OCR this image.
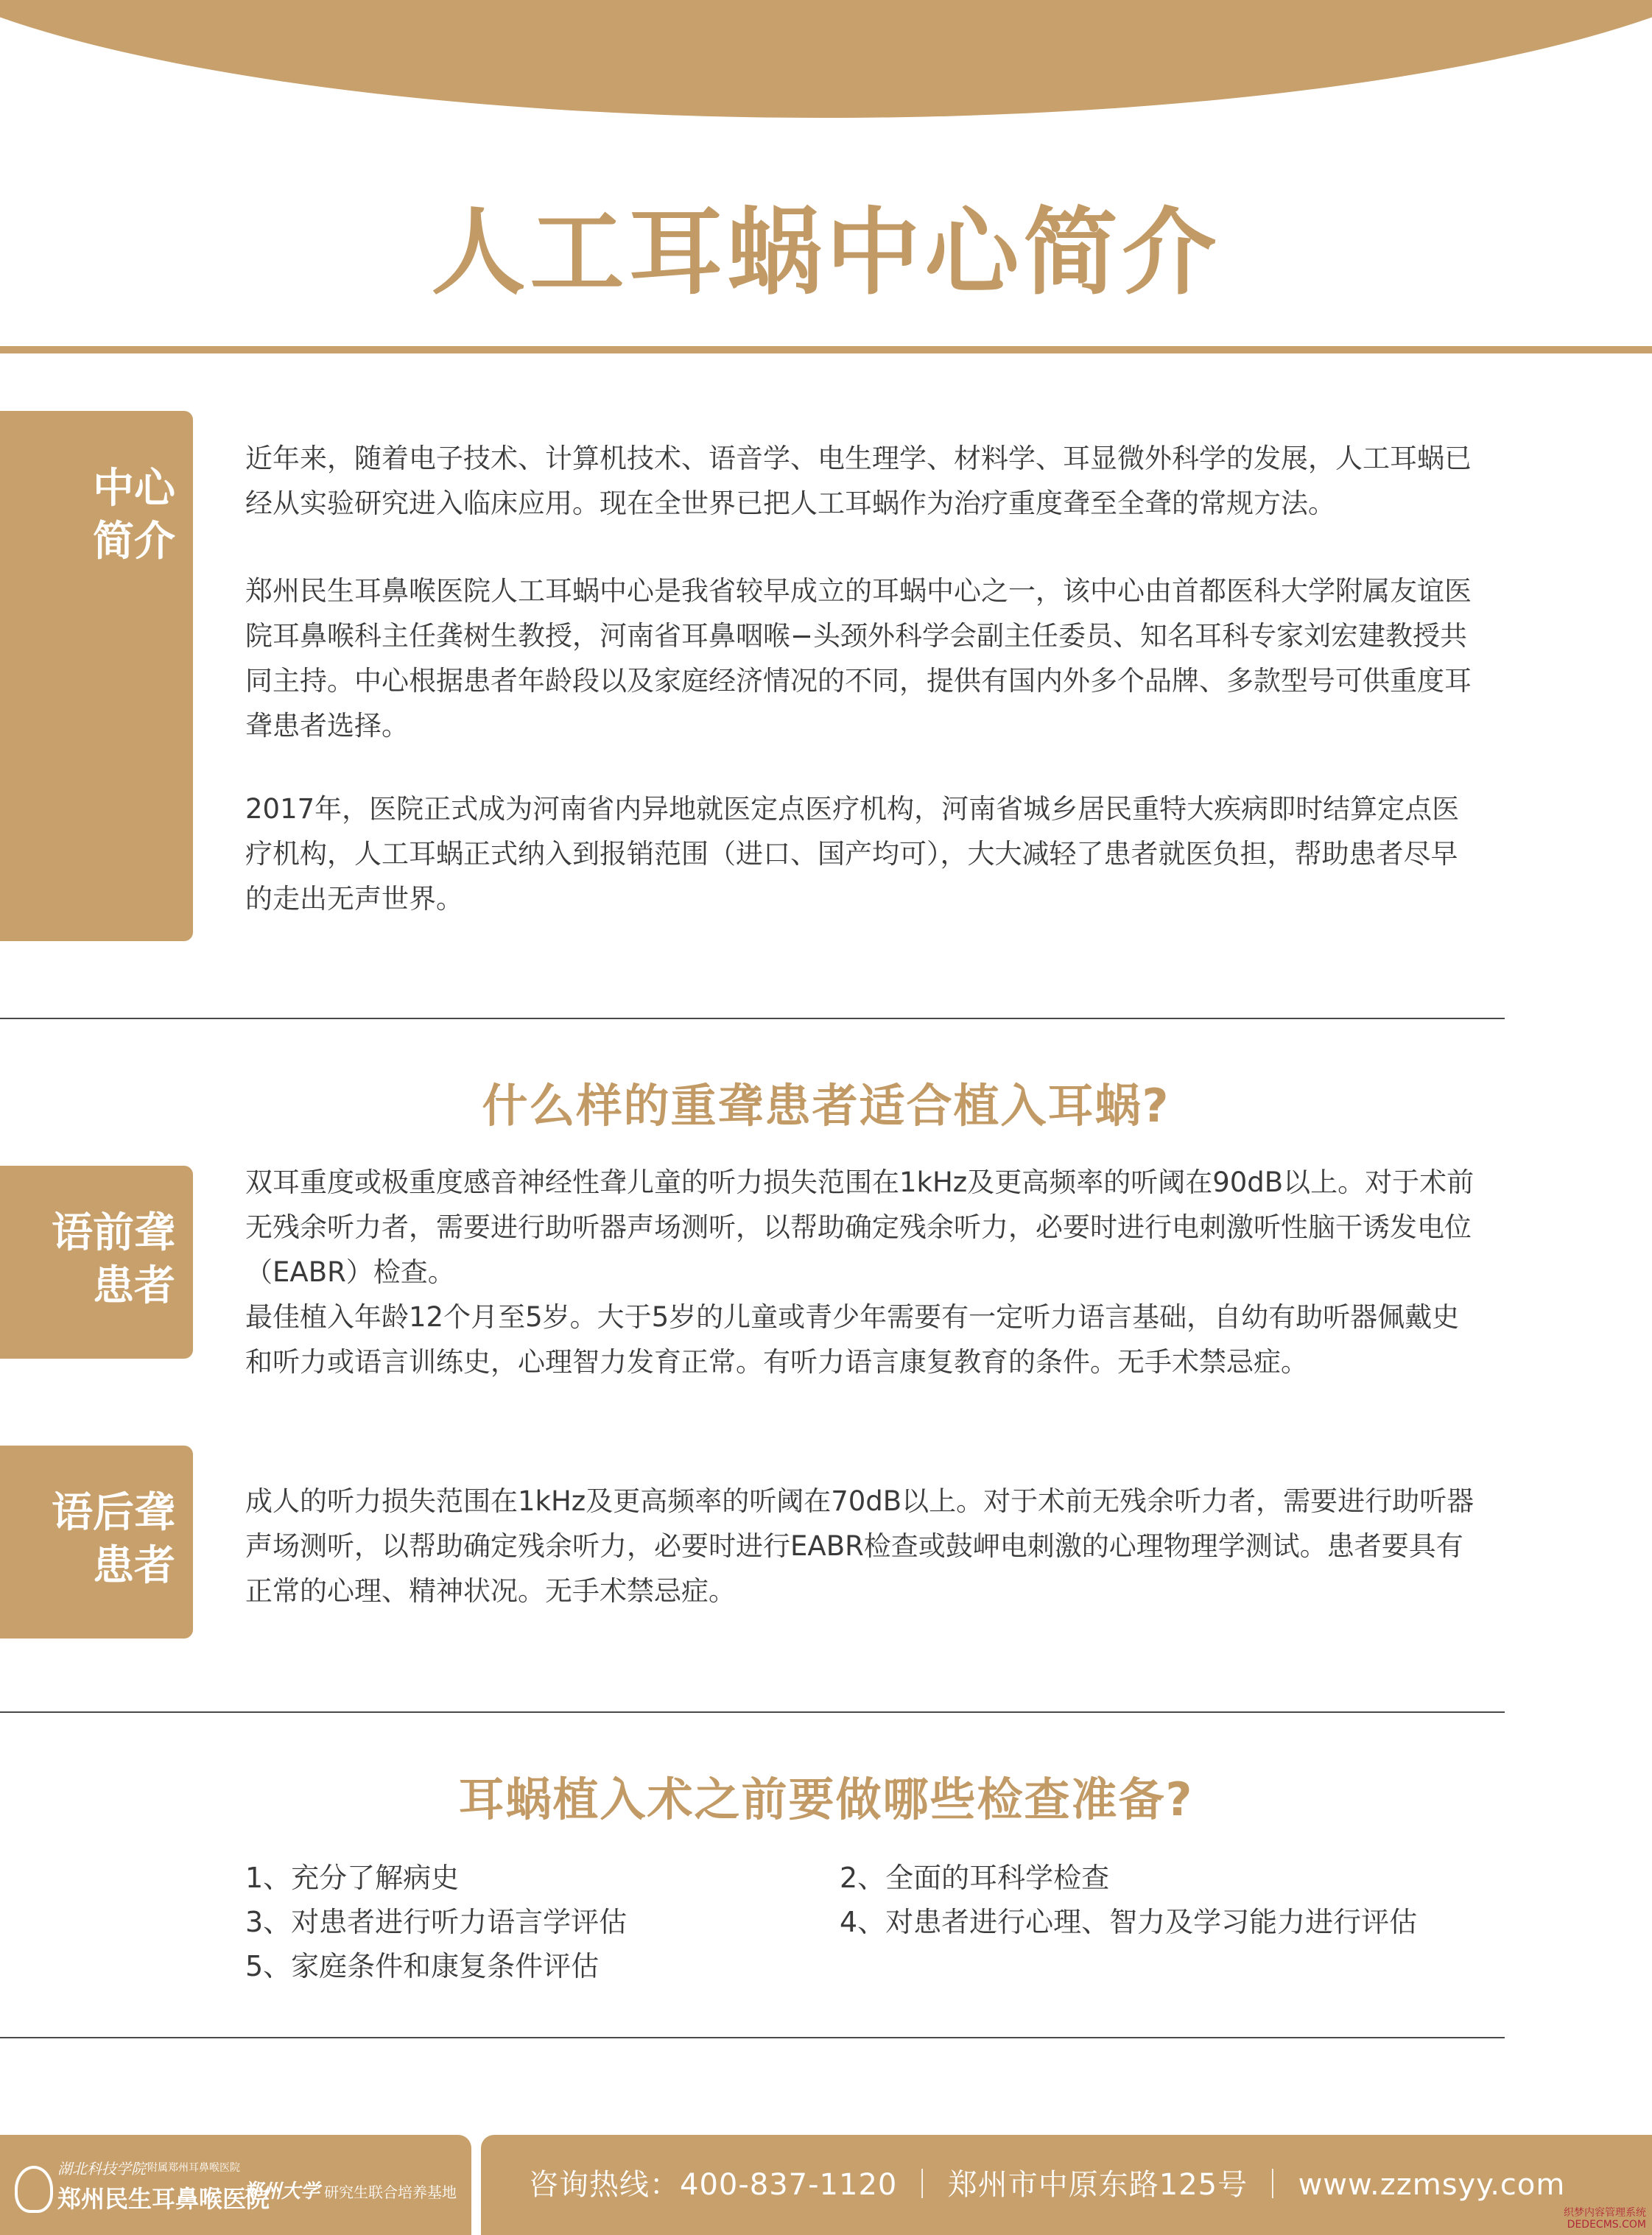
人工耳蜗中心简介
中心
简介

近年来，随着电子技术、计算机技术、语音学、电生理学、材料学、耳显微外科学的发展，人工耳蜗已经从实验研究进入临床应用。现在全世界已把人工耳蜗作为治疗重度聋至全聋的常规方法。

郑州民生耳鼻喉医院人工耳蜗中心是我省较早成立的耳蜗中心之一，该中心由首都医科大学附属友谊医院耳鼻喉科主任龚树生教授，河南省耳鼻咽喉−头颈外科学会副主任委员、知名耳科专家刘宏建教授共同主持。中心根据患者年龄段以及家庭经济情况的不同，提供有国内外多个品牌、多款型号可供重度耳聋患者选择。

2017年，医院正式成为河南省内异地就医定点医疗机构，河南省城乡居民重特大疾病即时结算定点医疗机构，人工耳蜗正式纳入到报销范围（进口、国产均可），大大减轻了患者就医负担，帮助患者尽早的走出无声世界。

什么样的重聋患者适合植入耳蜗?
语前聋
患者

双耳重度或极重度感音神经性聋儿童的听力损失范围在1kHz及更高频率的听阈在90dB以上。对于术前无残余听力者，需要进行助听器声场测听，以帮助确定残余听力，必要时进行电刺激听性脑干诱发电位（EABR）检查。

最佳植入年龄12个月至5岁。大于5岁的儿童或青少年需要有一定听力语言基础，自幼有助听器佩戴史和听力或语言训练史，心理智力发育正常。有听力语言康复教育的条件。无手术禁忌症。

语后聋
患者

成人的听力损失范围在1kHz及更高频率的听阈在70dB以上。对于术前无残余听力者，需要进行助听器声场测听，以帮助确定残余听力，必要时进行EABR检查或鼓岬电刺激的心理物理学测试。患者要具有正常的心理、精神状况。无手术禁忌症。

耳蜗植入术之前要做哪些检查准备?
1、充分了解病史	2、全面的耳科学检查
3、对患者进行听力语言学评估	4、对患者进行心理、智力及学习能力进行评估
5、家庭条件和康复条件评估
湖北科技学院 附属郑州耳鼻喉医院
郑州民生耳鼻喉医院
郑州大学 研究生联合培养基地 咨询热线：400-837-1120 ｜ 郑州市中原东路125号 ｜ www.zzmsyy.com
织梦内容管理系统
DEDECMS.COM
